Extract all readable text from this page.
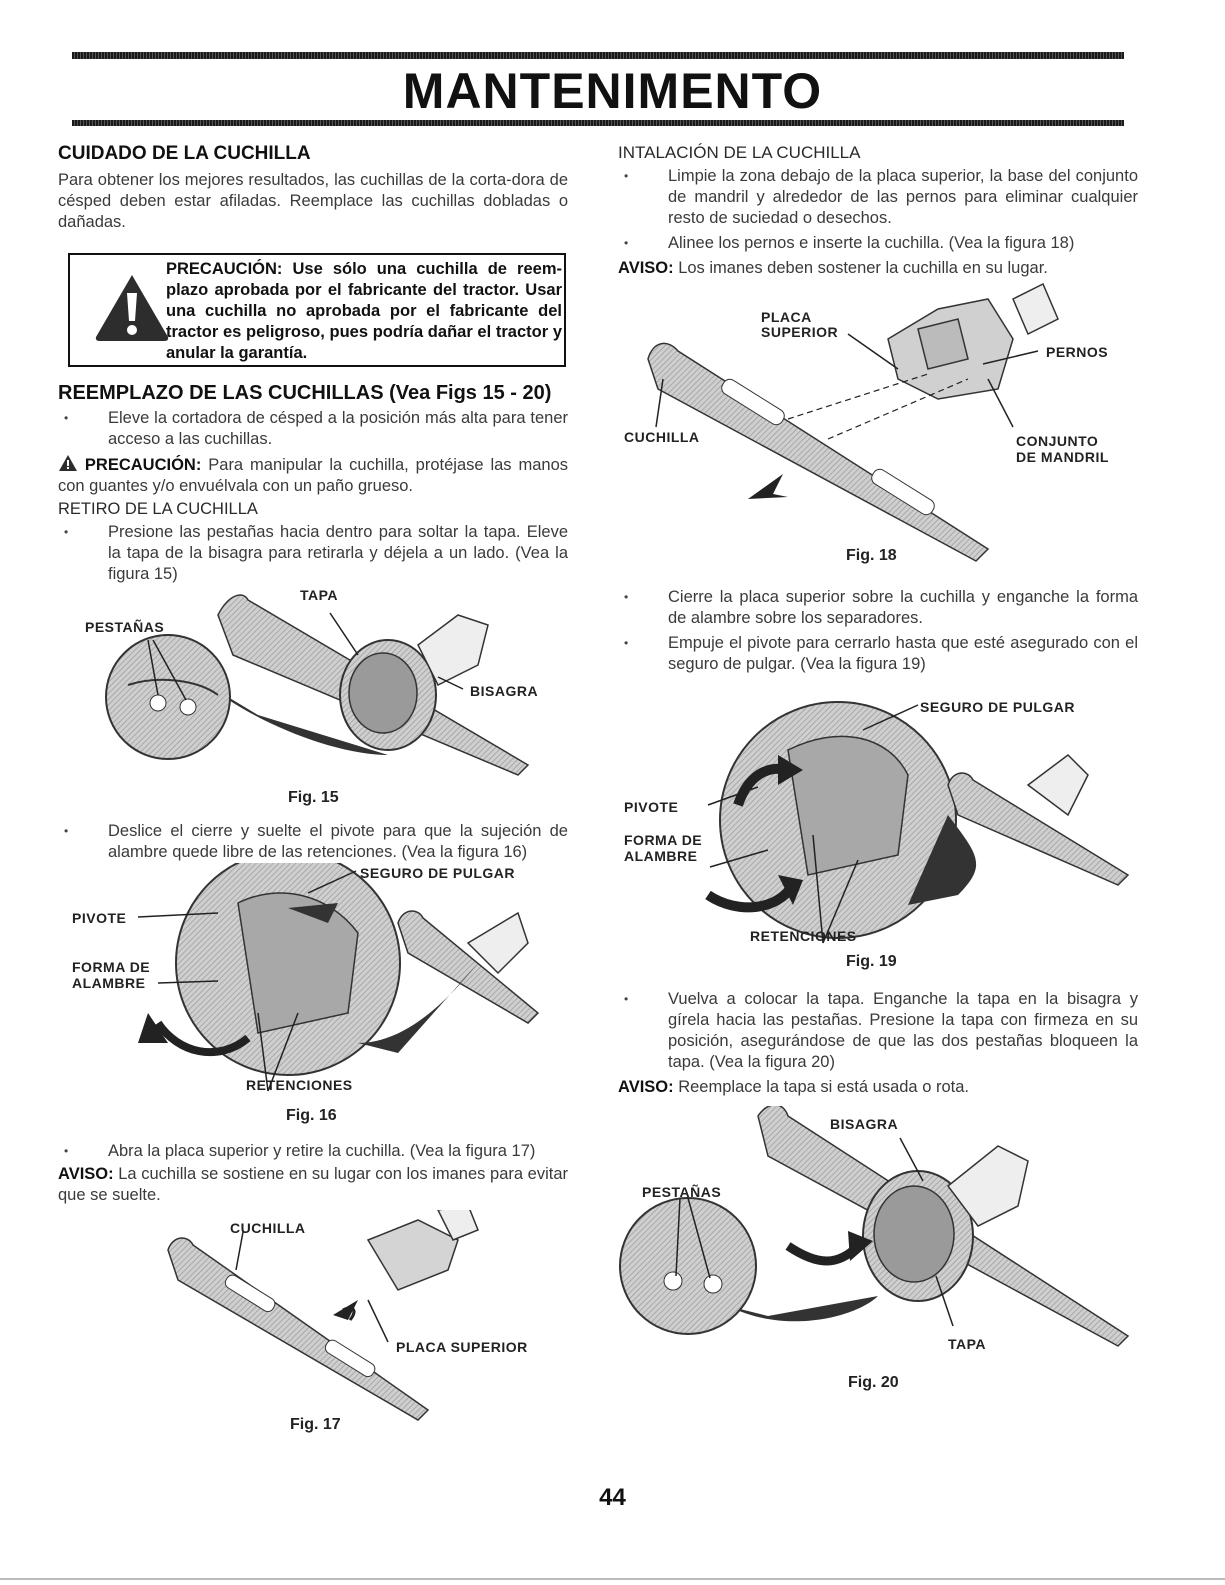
MANTENIMENTO
CUIDADO DE LA CUCHILLA
Para obtener los mejores resultados, las cuchillas de la corta-dora de césped deben estar afiladas. Reemplace las cuchillas dobladas o dañadas.
PRECAUCIÓN: Use sólo una cuchilla de reem-plazo aprobada por el fabricante del tractor. Usar una cuchilla no aprobada por el fabricante del tractor es peligroso, pues podría dañar el tractor y anular la garantía.
REEMPLAZO DE LAS CUCHILLAS (Vea Figs 15 - 20)
• Eleve la cortadora de césped a la posición más alta para tener acceso a las cuchillas.
PRECAUCIÓN: Para manipular la cuchilla, protéjase las manos con guantes y/o envuélvala con un paño grueso.
RETIRO DE LA CUCHILLA
• Presione las pestañas hacia dentro para soltar la tapa. Eleve la tapa de la bisagra para retirarla y déjela a un lado. (Vea la figura 15)
TAPA
PESTAÑAS
BISAGRA
Fig. 15
• Deslice el cierre y suelte el pivote para que la sujeción de alambre quede libre de las retenciones. (Vea la figura 16)
SEGURO DE PULGAR
PIVOTE
FORMA DE
ALAMBRE
RETENCIONES
Fig. 16
• Abra la placa superior y retire la cuchilla. (Vea la figura 17)
AVISO: La cuchilla se sostiene en su lugar con los imanes para evitar que se suelte.
CUCHILLA
PLACA SUPERIOR
Fig. 17
INTALACIÓN DE LA CUCHILLA
• Limpie la zona debajo de la placa superior, la base del conjunto de mandril y alrededor de las pernos para eliminar cualquier resto de suciedad o desechos.
• Alinee los pernos e inserte la cuchilla. (Vea la figura 18)
AVISO: Los imanes deben sostener la cuchilla en su lugar.
PLACA
SUPERIOR
PERNOS
CUCHILLA	CONJUNTO
DE MANDRIL
Fig. 18
• Cierre la placa superior sobre la cuchilla y enganche la forma de alambre sobre los separadores.
• Empuje el pivote para cerrarlo hasta que esté asegurado con el seguro de pulgar. (Vea la figura 19)
SEGURO DE PULGAR
PIVOTE
FORMA DE
ALAMBRE
RETENCIONES
Fig. 19
• Vuelva a colocar la tapa. Enganche la tapa en la bisagra y gírela hacia las pestañas. Presione la tapa con firmeza en su posición, asegurándose de que las dos pestañas bloqueen la tapa. (Vea la figura 20)
AVISO: Reemplace la tapa si está usada o rota.
BISAGRA
PESTAÑAS
TAPA
Fig. 20
44
